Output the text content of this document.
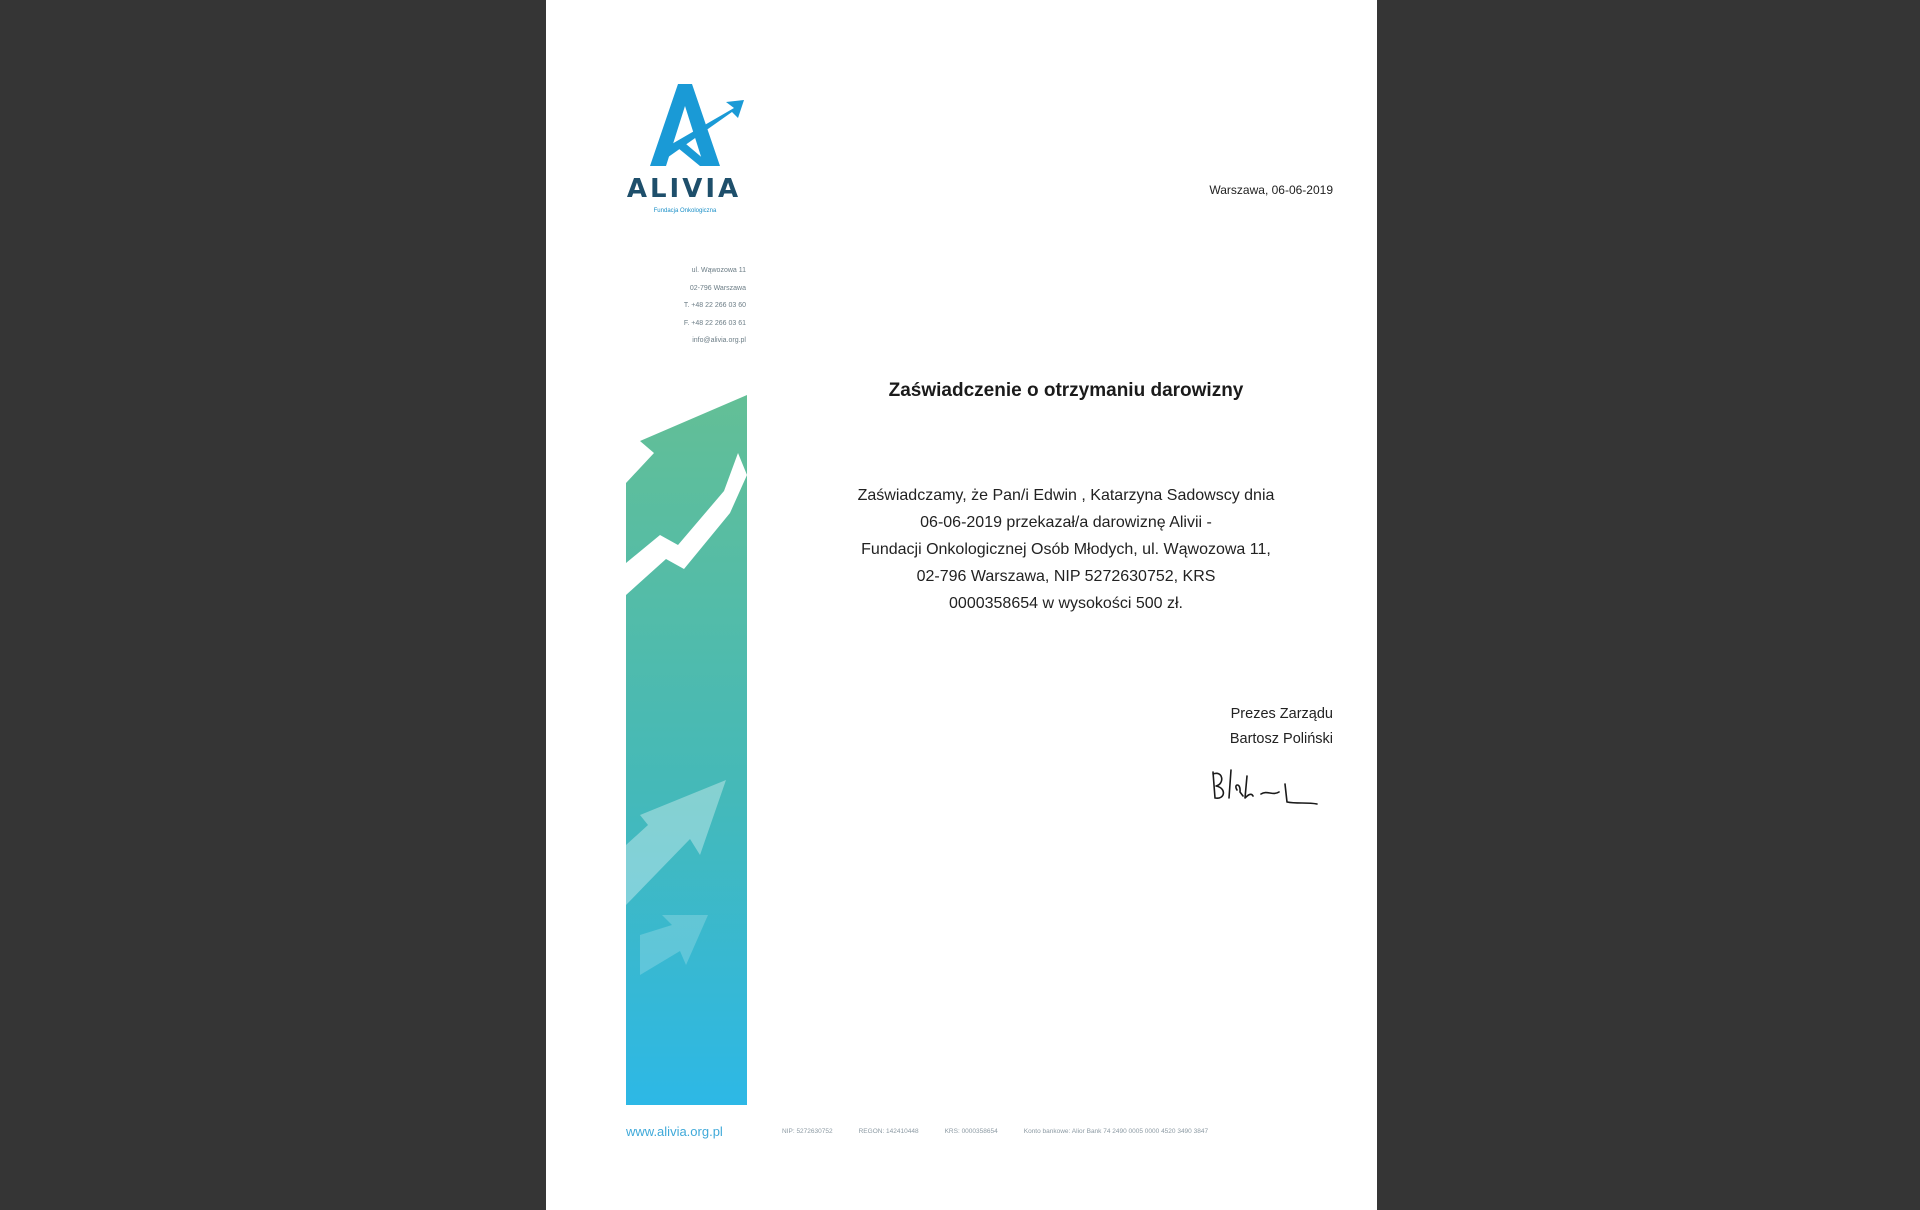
ALIVIA
Fundacja Onkologiczna
ul. Wąwozowa 11
02-796 Warszawa
T. +48 22 266 03 60
F. +48 22 266 03 61
info@alivia.org.pl
Warszawa, 06-06-2019
Zaświadczenie o otrzymaniu darowizny
Zaświadczamy, że Pan/i Edwin , Katarzyna Sadowscy dnia
06-06-2019 przekazał/a darowiznę Alivii -
Fundacji Onkologicznej Osób Młodych, ul. Wąwozowa 11,
02-796 Warszawa, NIP 5272630752, KRS
0000358654 w wysokości 500 zł.
Prezes Zarządu
Bartosz Poliński
www.alivia.org.pl	NIP: 5272630752	REGON: 142410448	KRS: 0000358654	Konto bankowe: Alior Bank 74 2490 0005 0000 4520 3490 3847
